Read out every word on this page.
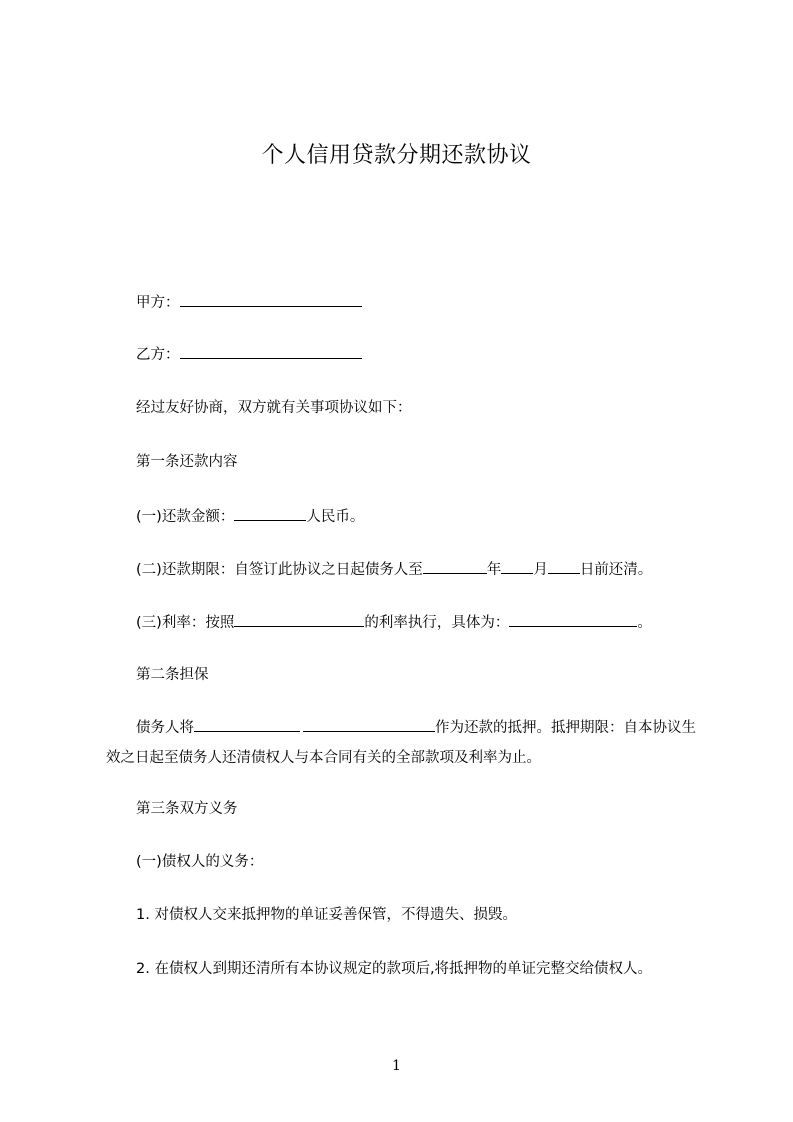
个人信用贷款分期还款协议
甲方：
乙方：
经过友好协商，双方就有关事项协议如下：
第一条还款内容
(一)还款金额：	人民币。
(二)还款期限：自签订此协议之日起债务人至	年 月 日前还清。
(三)利率：按照	的利率执行，具体为：	。
第二条担保
债务人将	作为还款的抵押。抵押期限：自本协议生效之日起至债务人还清债权人与本合同有关的全部款项及利率为止。
第三条双方义务
(一)债权人的义务：
1. 对债权人交来抵押物的单证妥善保管，不得遗失、损毁。
2. 在债权人到期还清所有本协议规定的款项后,将抵押物的单证完整交给债权人。
1
